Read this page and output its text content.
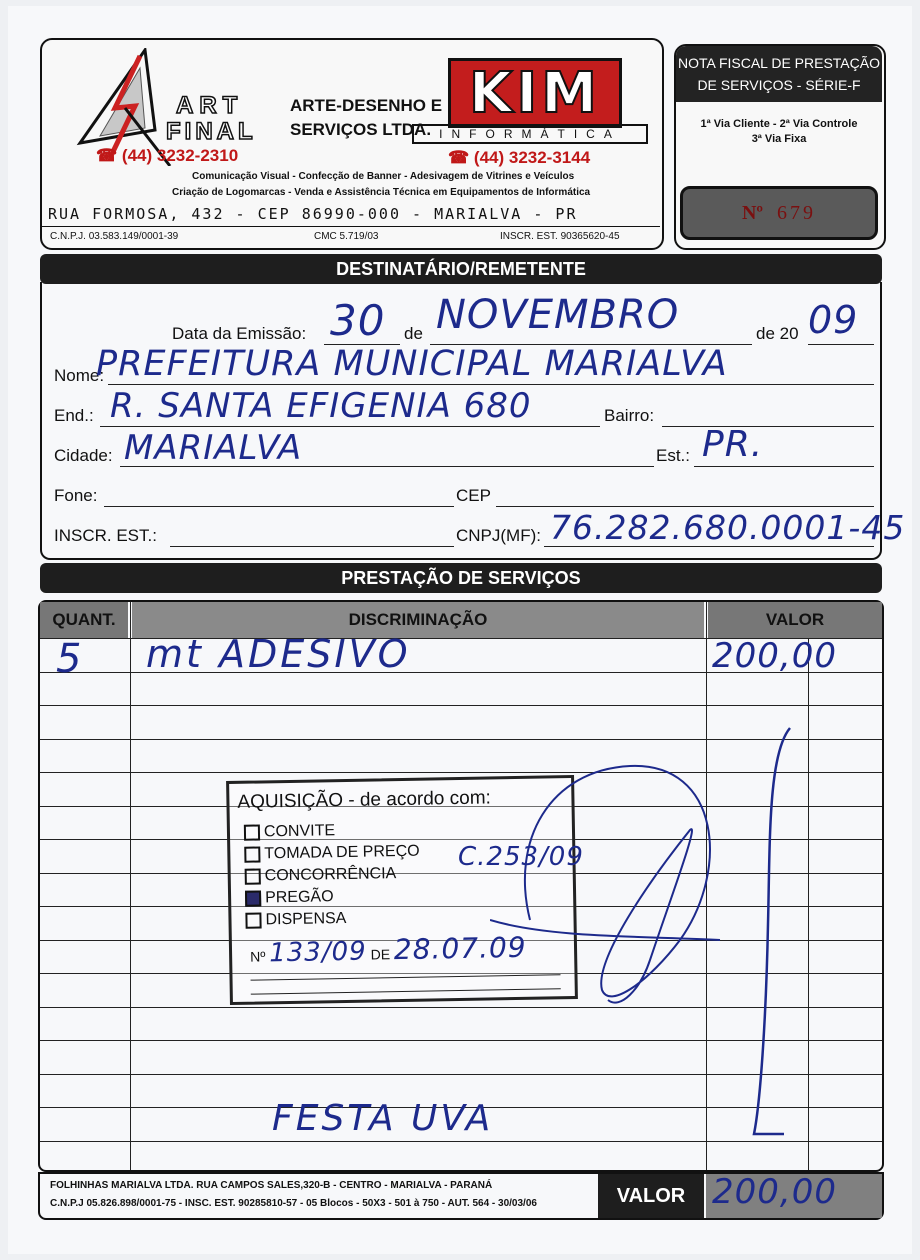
ART
FINAL
ARTE-DESENHO E
SERVIÇOS LTDA.
☎ (44) 3232-2310
KIM
INFORMÁTICA
☎ (44) 3232-3144
Comunicação Visual - Confecção de Banner - Adesivagem de Vitrines e Veículos
Criação de Logomarcas - Venda e Assistência Técnica em Equipamentos de Informática
RUA FORMOSA, 432 - CEP 86990-000 - MARIALVA - PR
C.N.P.J. 03.583.149/0001-39	CMC 5.719/03	INSCR. EST. 90365620-45
NOTA FISCAL DE PRESTAÇÃO DE SERVIÇOS - SÉRIE-F
1ª Via Cliente - 2ª Via Controle
3ª Via Fixa
Nº 679
DESTINATÁRIO/REMETENTE
Data da Emissão: 30 de NOVEMBRO	de 20 09
Nome:
PREFEITURA MUNICIPAL MARIALVA
End.: R. SANTA EFIGENIA 680	Bairro:
Cidade: MARIALVA	Est.: PR.
Fone:	CEP
INSCR. EST.:	CNPJ(MF): 76.282.680.0001-45
PRESTAÇÃO DE SERVIÇOS
QUANT.	DISCRIMINAÇÃO	VALOR
5 mt ADESIVO	200,00
AQUISIÇÃO - de acordo com:
CONVITE
TOMADA DE PREÇO
CONCORRÊNCIA
PREGÃO
DISPENSA
Nº 133/09 DE 28.07.09
C.253/09
FESTA UVA
FOLHINHAS MARIALVA LTDA. RUA CAMPOS SALES,320-B - CENTRO - MARIALVA - PARANÁ
C.N.P.J 05.826.898/0001-75 - INSC. EST. 90285810-57 - 05 Blocos - 50X3 - 501 à 750 - AUT. 564 - 30/03/06	VALOR 200,00
